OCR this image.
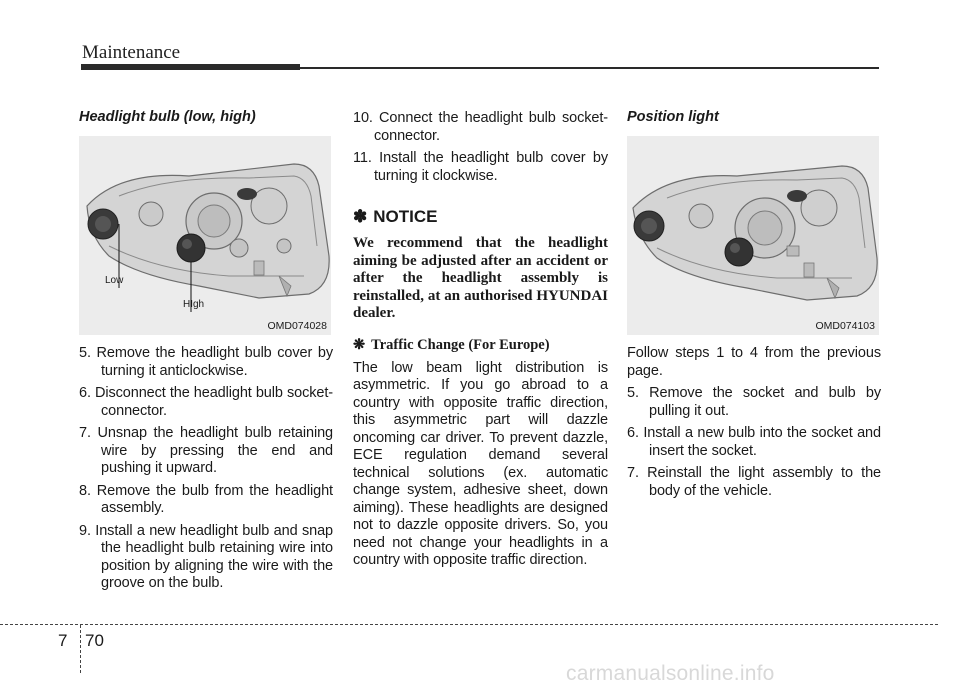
Maintenance
Headlight bulb (low, high)
Low
HIgh
OMD074028
5. Remove the headlight bulb cover by turning it anticlockwise.
6. Disconnect the headlight bulb socket-connector.
7. Unsnap the headlight bulb retaining wire by pressing the end and pushing it upward.
8. Remove the bulb from the headlight assembly.
9. Install a new headlight bulb and snap the headlight bulb retaining wire into position by aligning the wire with the groove on the bulb.
10. Connect the headlight bulb socket-connector.
11. Install the headlight bulb cover by turning it clockwise.
✽ NOTICE
We recommend that the headlight aiming be adjusted after an accident or after the headlight assembly is reinstalled, at an authorised HYUNDAI dealer.
❋ Traffic Change (For Europe)
The low beam light distribution is asymmetric. If you go abroad to a country with opposite traffic direction, this asymmetric part will dazzle oncoming car driver. To prevent dazzle, ECE regulation demand several technical solutions (ex. automatic change system, adhesive sheet, down aiming). These headlights are designed not to dazzle opposite drivers. So, you need not change your headlights in a country with opposite traffic direction.
Position light
OMD074103
Follow steps 1 to 4 from the previous page.
5. Remove the socket and bulb by pulling it out.
6. Install a new bulb into the socket and insert the socket.
7. Reinstall the light assembly to the body of the vehicle.
7 70
carmanualsonline.info
